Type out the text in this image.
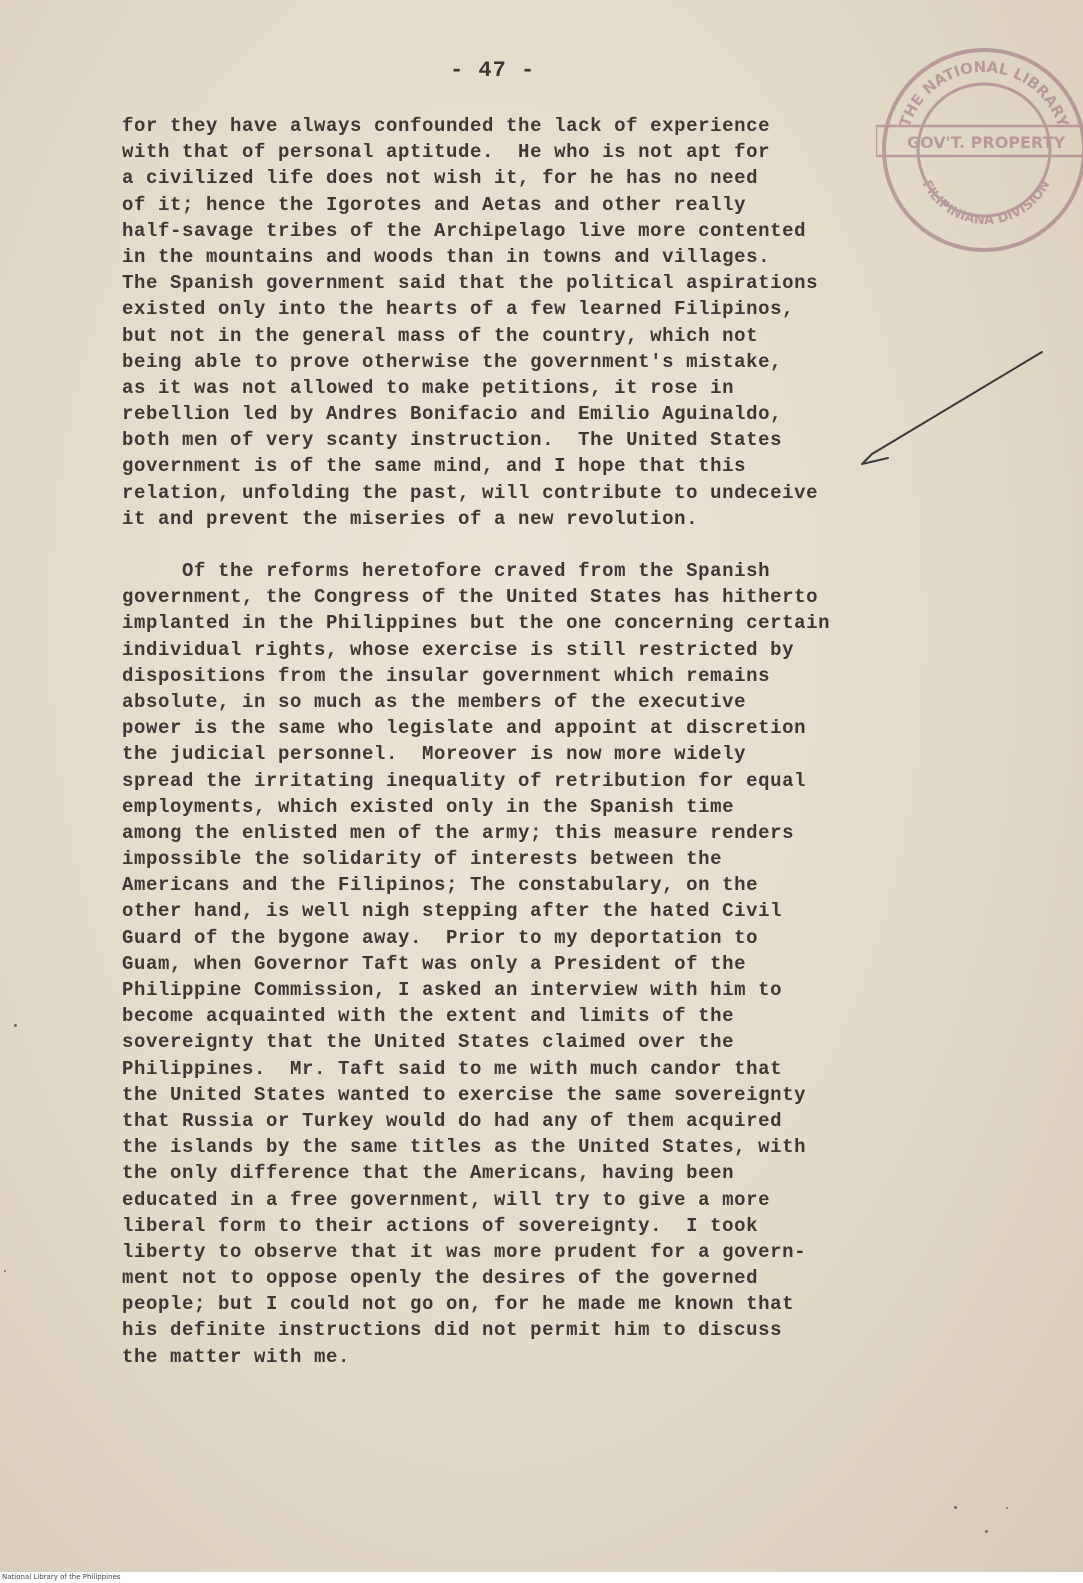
- 47 -

for they have always confounded the lack of experience
with that of personal aptitude.  He who is not apt for
a civilized life does not wish it, for he has no need
of it; hence the Igorotes and Aetas and other really
half-savage tribes of the Archipelago live more contented
in the mountains and woods than in towns and villages.
The Spanish government said that the political aspirations
existed only into the hearts of a few learned Filipinos,
but not in the general mass of the country, which not
being able to prove otherwise the government's mistake,
as it was not allowed to make petitions, it rose in
rebellion led by Andres Bonifacio and Emilio Aguinaldo,
both men of very scanty instruction.  The United States
government is of the same mind, and I hope that this
relation, unfolding the past, will contribute to undeceive
it and prevent the miseries of a new revolution.
Of the reforms heretofore craved from the Spanish
government, the Congress of the United States has hitherto
implanted in the Philippines but the one concerning certain
individual rights, whose exercise is still restricted by
dispositions from the insular government which remains
absolute, in so much as the members of the executive
power is the same who legislate and appoint at discretion
the judicial personnel.  Moreover is now more widely
spread the irritating inequality of retribution for equal
employments, which existed only in the Spanish time
among the enlisted men of the army; this measure renders
impossible the solidarity of interests between the
Americans and the Filipinos; The constabulary, on the
other hand, is well nigh stepping after the hated Civil
Guard of the bygone away.  Prior to my deportation to
Guam, when Governor Taft was only a President of the
Philippine Commission, I asked an interview with him to
become acquainted with the extent and limits of the
sovereignty that the United States claimed over the
Philippines.  Mr. Taft said to me with much candor that
the United States wanted to exercise the same sovereignty
that Russia or Turkey would do had any of them acquired
the islands by the same titles as the United States, with
the only difference that the Americans, having been
educated in a free government, will try to give a more
liberal form to their actions of sovereignty.  I took
liberty to observe that it was more prudent for a govern-
ment not to oppose openly the desires of the governed
people; but I could not go on, for he made me known that
his definite instructions did not permit him to discuss
the matter with me.
THE NATIONAL LIBRARY
GOV'T. PROPERTY
FILIPINIANA DIVISION

National Library of the Philippines
